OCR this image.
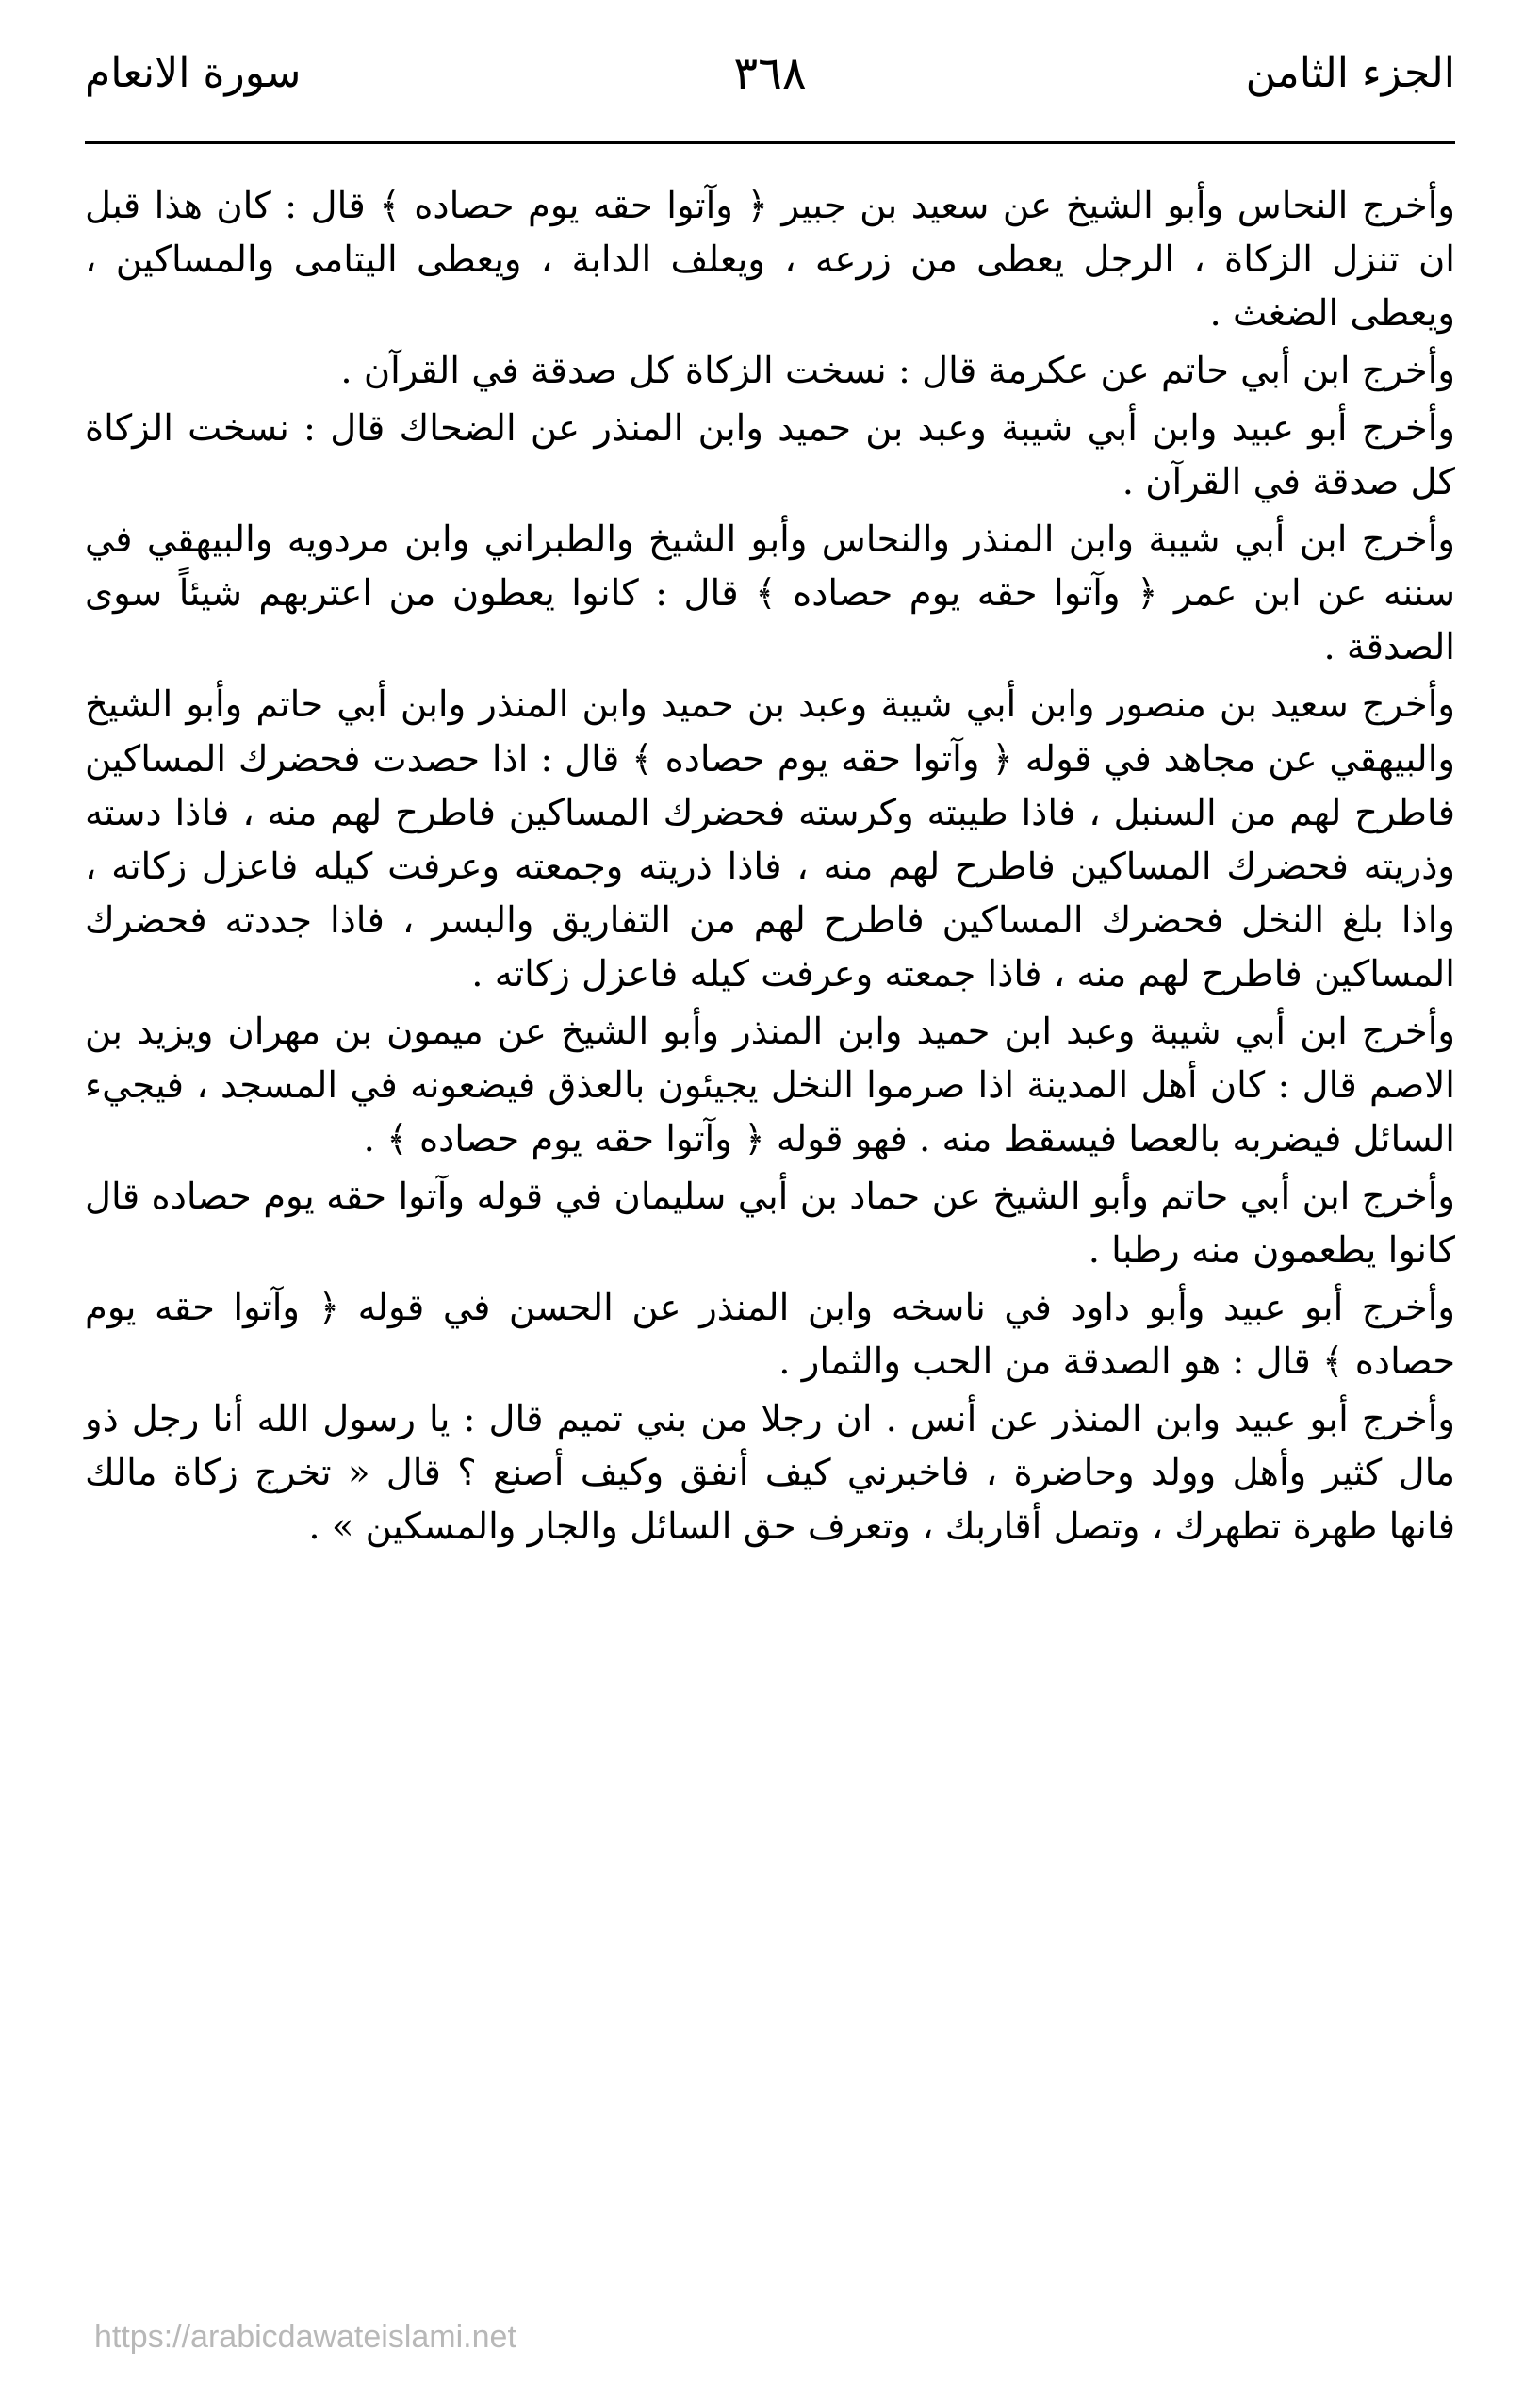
الجزء الثامن
٣٦٨
سورة الانعام

وأخرج النحاس وأبو الشيخ عن سعيد بن جبير ﴿ وآتوا حقه يوم حصاده ﴾ قال : كان هذا قبل ان تنزل الزكاة ، الرجل يعطى من زرعه ، ويعلف الدابة ، ويعطى اليتامى والمساكين ، ويعطى الضغث .

وأخرج ابن أبي حاتم عن عكرمة قال : نسخت الزكاة كل صدقة في القرآن .

وأخرج أبو عبيد وابن أبي شيبة وعبد بن حميد وابن المنذر عن الضحاك قال : نسخت الزكاة كل صدقة في القرآن .

وأخرج ابن أبي شيبة وابن المنذر والنحاس وأبو الشيخ والطبراني وابن مردويه والبيهقي في سننه عن ابن عمر ﴿ وآتوا حقه يوم حصاده ﴾ قال : كانوا يعطون من اعتربهم شيئاً سوى الصدقة .

وأخرج سعيد بن منصور وابن أبي شيبة وعبد بن حميد وابن المنذر وابن أبي حاتم وأبو الشيخ والبيهقي عن مجاهد في قوله ﴿ وآتوا حقه يوم حصاده ﴾ قال : اذا حصدت فحضرك المساكين فاطرح لهم من السنبل ، فاذا طيبته وكرسته فحضرك المساكين فاطرح لهم منه ، فاذا دسته وذريته فحضرك المساكين فاطرح لهم منه ، فاذا ذريته وجمعته وعرفت كيله فاعزل زكاته ، واذا بلغ النخل فحضرك المساكين فاطرح لهم من التفاريق والبسر ، فاذا جددته فحضرك المساكين فاطرح لهم منه ، فاذا جمعته وعرفت كيله فاعزل زكاته .

وأخرج ابن أبي شيبة وعبد ابن حميد وابن المنذر وأبو الشيخ عن ميمون بن مهران ويزيد بن الاصم قال : كان أهل المدينة اذا صرموا النخل يجيئون بالعذق فيضعونه في المسجد ، فيجيء السائل فيضربه بالعصا فيسقط منه . فهو قوله ﴿ وآتوا حقه يوم حصاده ﴾ .

وأخرج ابن أبي حاتم وأبو الشيخ عن حماد بن أبي سليمان في قوله وآتوا حقه يوم حصاده قال كانوا يطعمون منه رطبا .

وأخرج أبو عبيد وأبو داود في ناسخه وابن المنذر عن الحسن في قوله ﴿ وآتوا حقه يوم حصاده ﴾ قال : هو الصدقة من الحب والثمار .

وأخرج أبو عبيد وابن المنذر عن أنس . ان رجلا من بني تميم قال : يا رسول الله أنا رجل ذو مال كثير وأهل وولد وحاضرة ، فاخبرني كيف أنفق وكيف أصنع ؟ قال « تخرج زكاة مالك فانها طهرة تطهرك ، وتصل أقاربك ، وتعرف حق السائل والجار والمسكين » .

https://arabicdawateislami.net
